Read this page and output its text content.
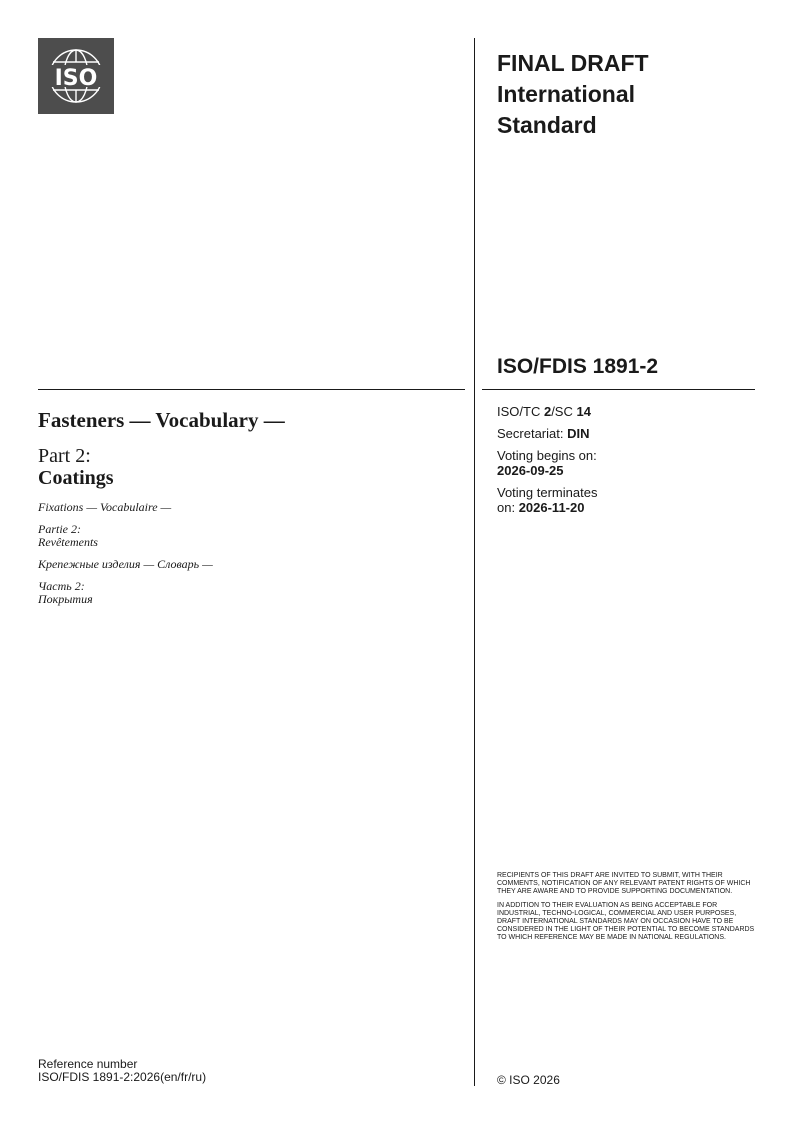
ISO
FINAL DRAFT
International
Standard
ISO/FDIS 1891-2
ISO/TC 2/SC 14
Secretariat: DIN
Voting begins on:
2026-09-25
Voting terminates
on: 2026-11-20
Fasteners — Vocabulary —
Part 2:
Coatings
Fixations — Vocabulaire —
Partie 2:
Revêtements
Крепежные изделия — Словарь —
Часть 2:
Покрытия

RECIPIENTS OF THIS DRAFT ARE INVITED TO SUBMIT, WITH THEIR COMMENTS, NOTIFICATION OF ANY RELEVANT PATENT RIGHTS OF WHICH THEY ARE AWARE AND TO PROVIDE SUPPORTING DOCUMENTATION.

IN ADDITION TO THEIR EVALUATION AS BEING ACCEPTABLE FOR INDUSTRIAL, TECHNO-LOGICAL, COMMERCIAL AND USER PURPOSES, DRAFT INTERNATIONAL STANDARDS MAY ON OCCASION HAVE TO BE CONSIDERED IN THE LIGHT OF THEIR POTENTIAL TO BECOME STANDARDS TO WHICH REFERENCE MAY BE MADE IN NATIONAL REGULATIONS.

Reference number
ISO/FDIS 1891-2:2026(en/fr/ru)	© ISO 2026
